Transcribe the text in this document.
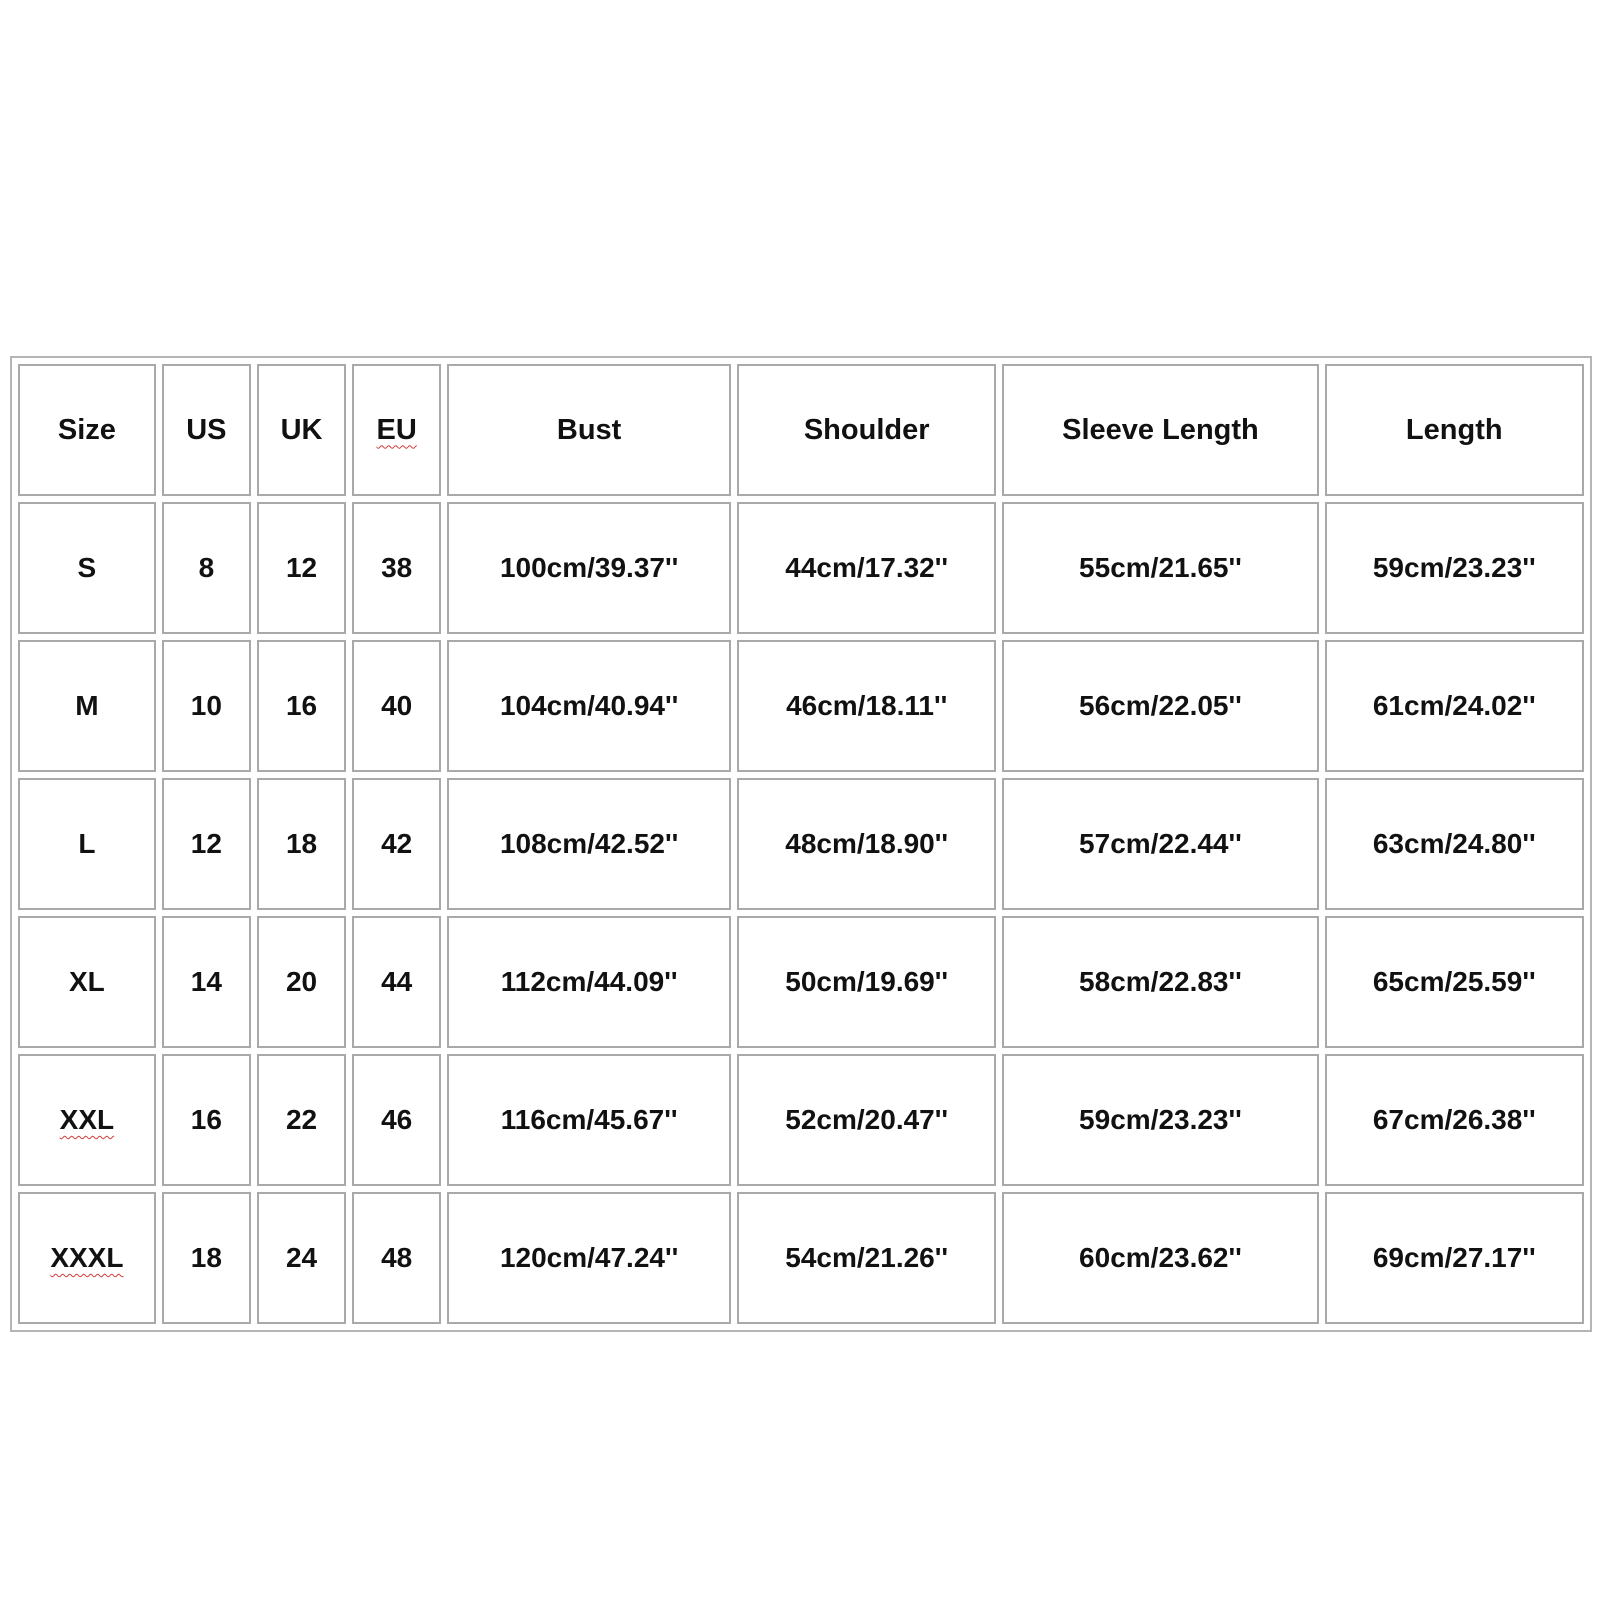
Size	US	UK	EU	Bust	Shoulder	Sleeve Length	Length
S	8	12	38	100cm/39.37''	44cm/17.32''	55cm/21.65''	59cm/23.23''
M	10	16	40	104cm/40.94''	46cm/18.11''	56cm/22.05''	61cm/24.02''
L	12	18	42	108cm/42.52''	48cm/18.90''	57cm/22.44''	63cm/24.80''
XL	14	20	44	112cm/44.09''	50cm/19.69''	58cm/22.83''	65cm/25.59''
XXL	16	22	46	116cm/45.67''	52cm/20.47''	59cm/23.23''	67cm/26.38''
XXXL	18	24	48	120cm/47.24''	54cm/21.26''	60cm/23.62''	69cm/27.17''
